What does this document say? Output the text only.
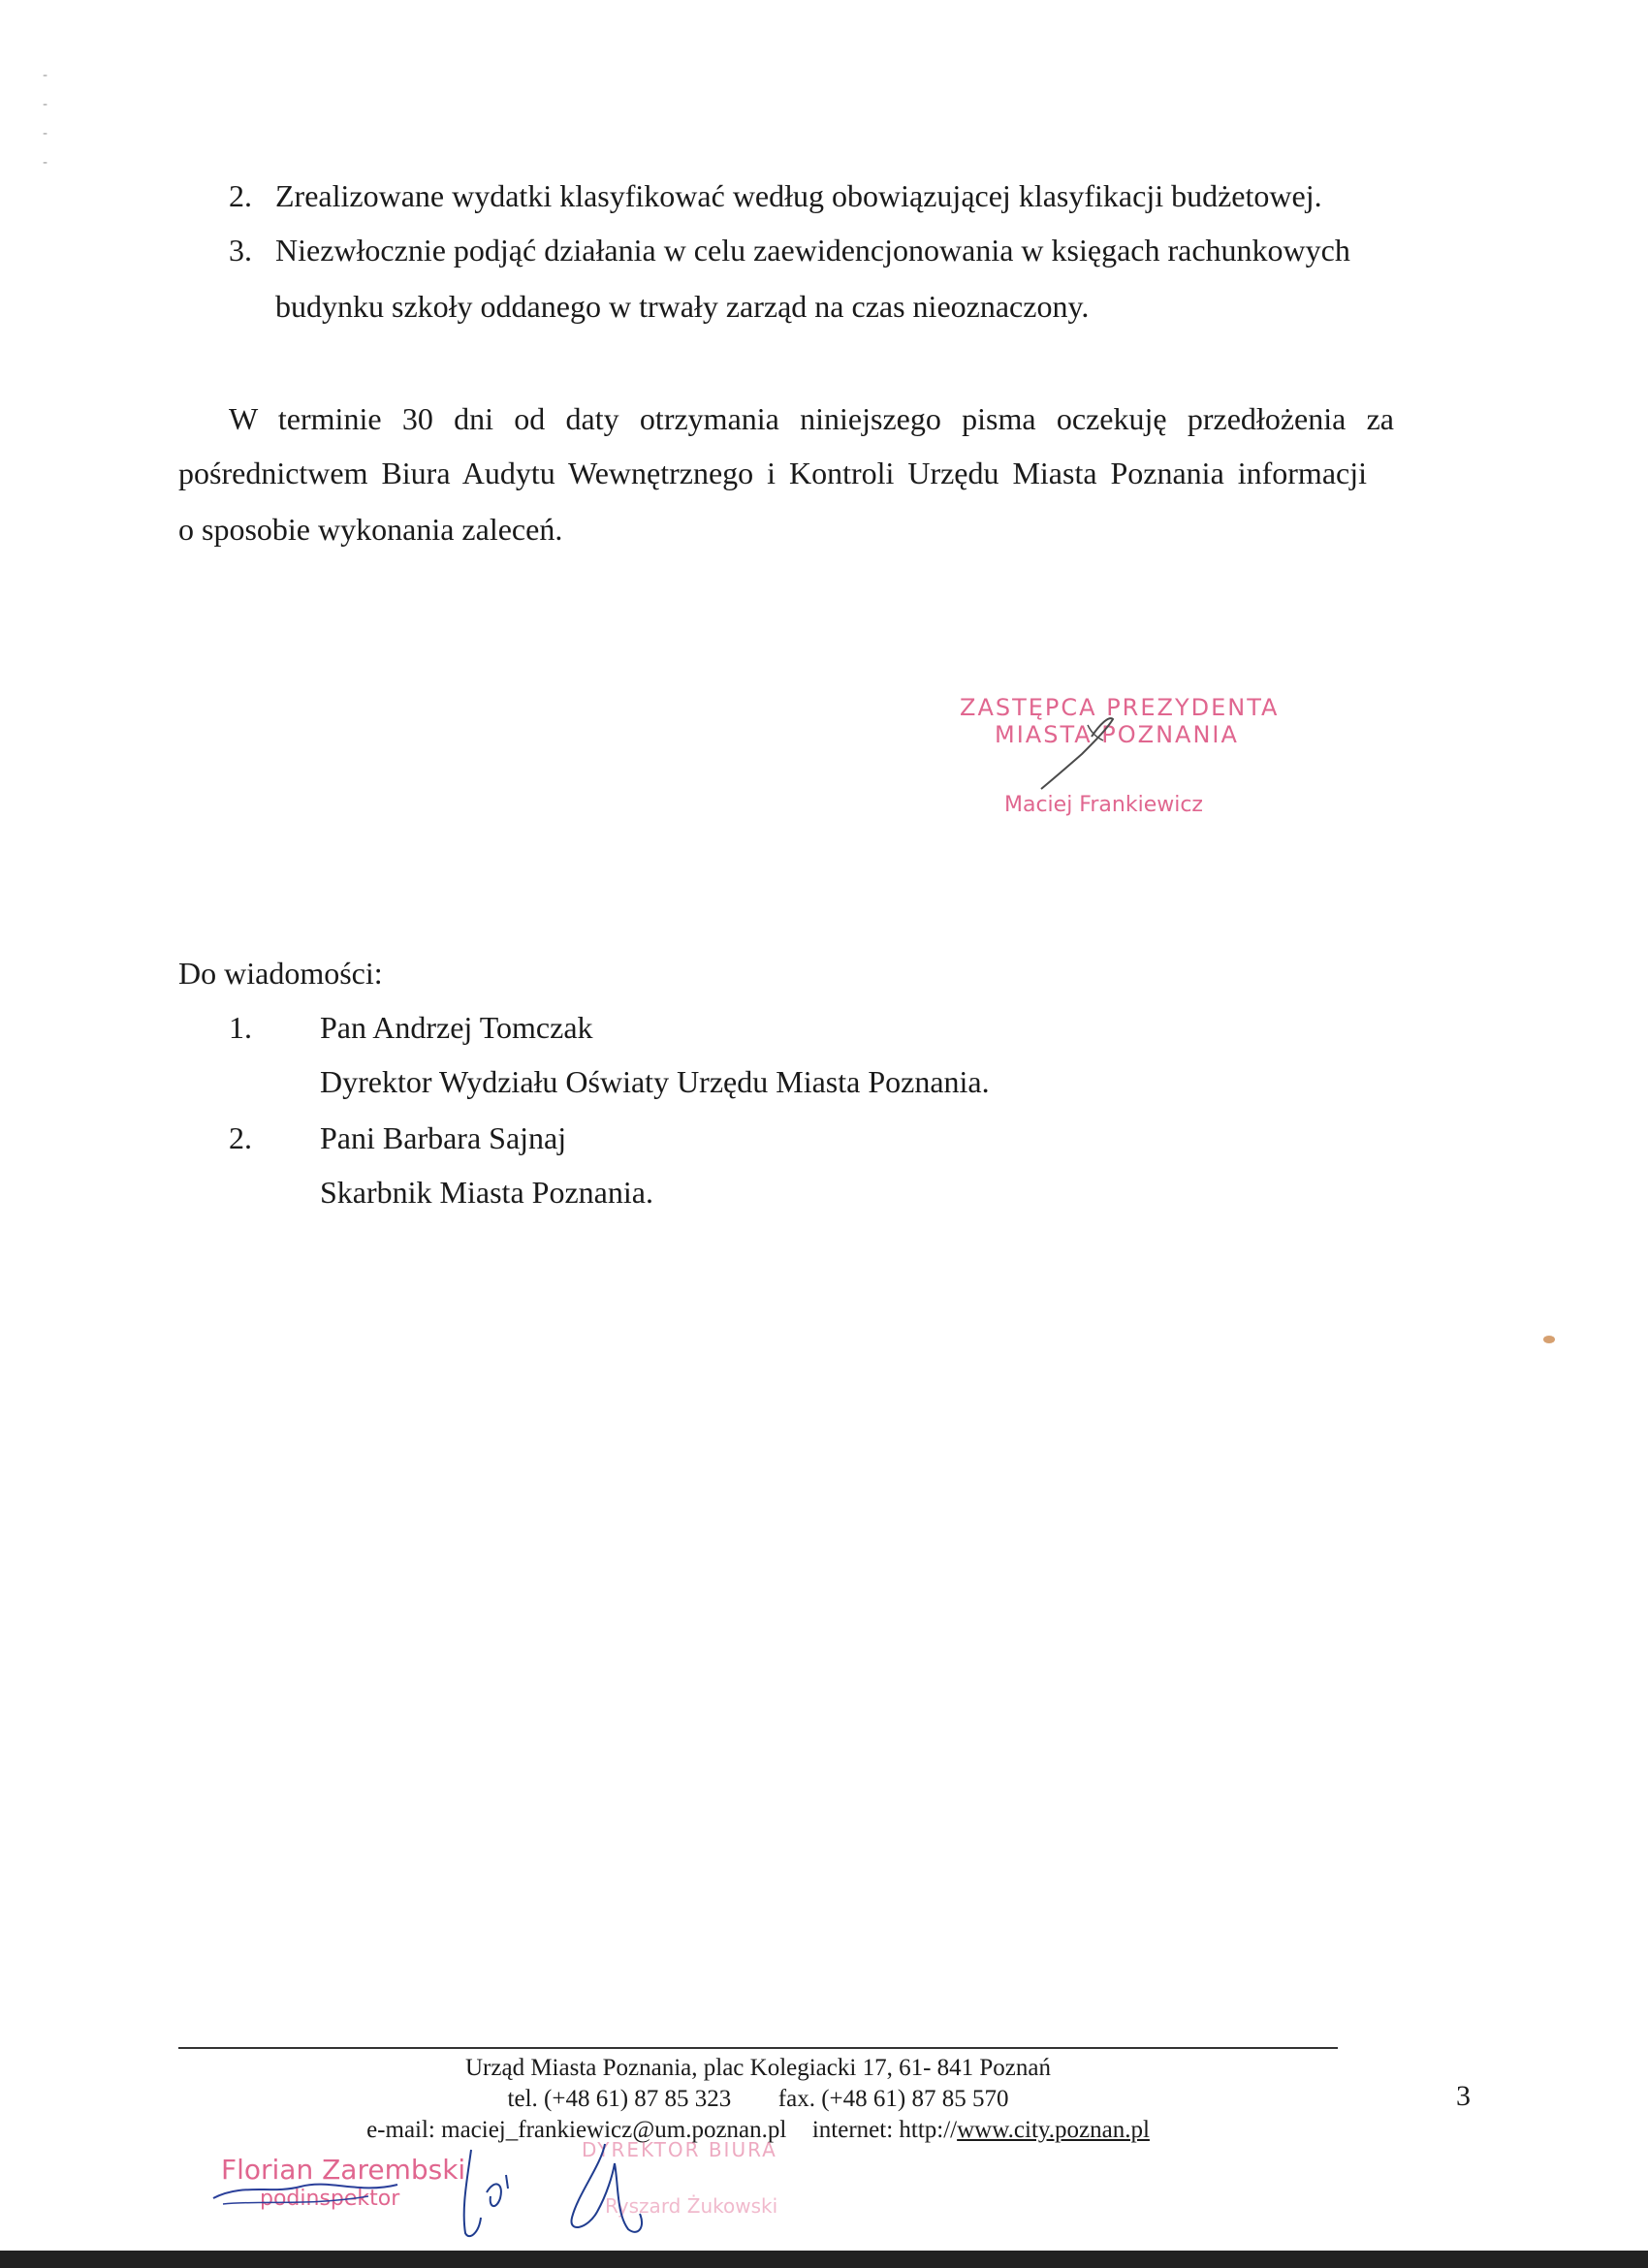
-
-
-
-
2. Zrealizowane wydatki klasyfikować według obowiązującej klasyfikacji budżetowej.
3. Niezwłocznie podjąć działania w celu zaewidencjonowania w księgach rachunkowych
budynku szkoły oddanego w trwały zarząd na czas nieoznaczony.
W terminie 30 dni od daty otrzymania niniejszego pisma oczekuję przedłożenia za
pośrednictwem Biura Audytu Wewnętrznego i Kontroli Urzędu Miasta Poznania informacji
o sposobie wykonania zaleceń.
ZASTĘPCA PREZYDENTA
MIASTA POZNANIA
Maciej Frankiewicz
Do wiadomości:
1. Pan Andrzej Tomczak
Dyrektor Wydziału Oświaty Urzędu Miasta Poznania.
2. Pani Barbara Sajnaj
Skarbnik Miasta Poznania.
Urząd Miasta Poznania, plac Kolegiacki 17, 61- 841 Poznań
tel. (+48 61) 87 85 323 fax. (+48 61) 87 85 570
e-mail: maciej_frankiewicz@um.poznan.pl internet: http://www.city.poznan.pl
3
Florian Zarembski
podinspektor
DYREKTOR BIURA
Ryszard Żukowski
